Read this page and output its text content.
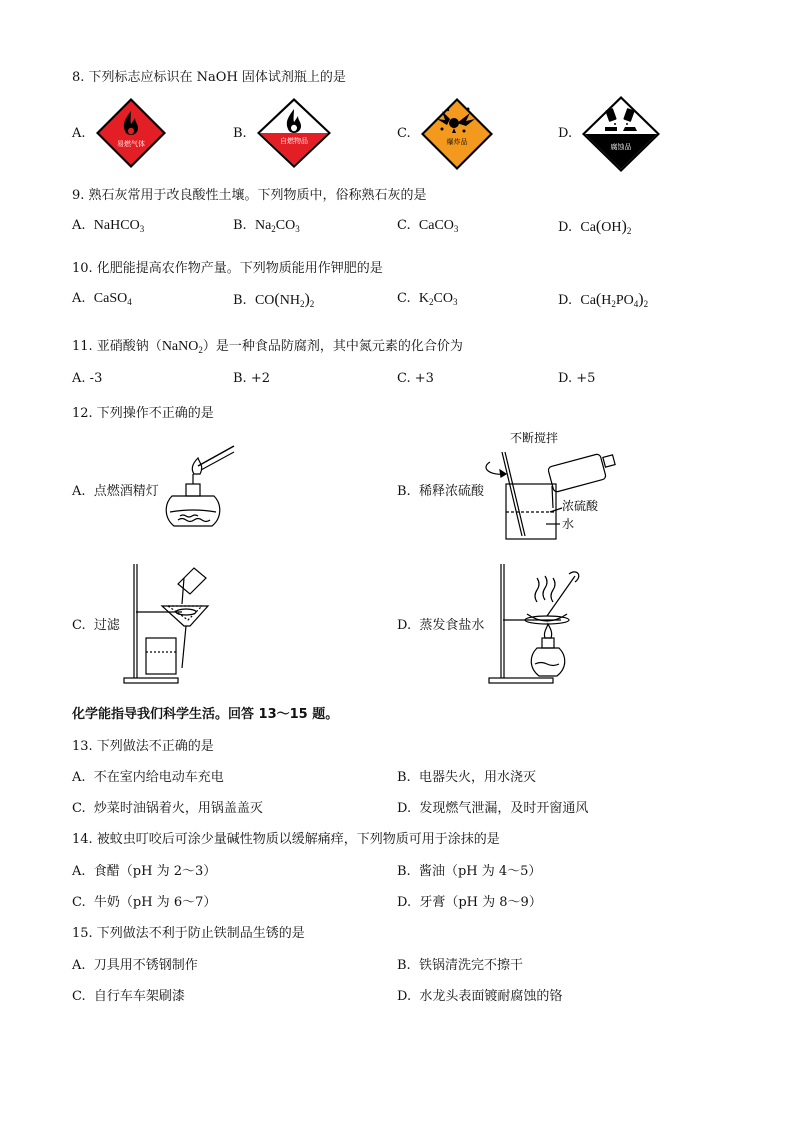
8. 下列标志应标识在 NaOH 固体试剂瓶上的是
A.
易燃气体
B.	自燃物品	C.
爆炸品
D.
腐蚀品
9. 熟石灰常用于改良酸性土壤。下列物质中，俗称熟石灰的是
A. NaHCO$_3$	B. $Na_2CO_3$	C. CaCO$_3$	D. $Ca(OH)_2$
10. 化肥能提高农作物产量。下列物质能用作钾肥的是
A. CaSO$_4$	B. $CO(NH_2)_2$	C. $K_2CO_3$	D. $Ca(H_2PO_4)_2$
11. 亚硝酸钠（NaNO$_2$）是一种食品防腐剂，其中氮元素的化合价为
A. -3	B. +2	C. +3	D. +5
12. 下列操作不正确的是
A. 点燃酒精灯	B. 稀释浓硫酸
不断搅拌
浓硫酸
水
C. 过滤	D. 蒸发食盐水
化学能指导我们科学生活。回答 13～15 题。
13. 下列做法不正确的是
A. 不在室内给电动车充电	B. 电器失火，用水浇灭
C. 炒菜时油锅着火，用锅盖盖灭	D. 发现燃气泄漏，及时开窗通风
14. 被蚊虫叮咬后可涂少量碱性物质以缓解痛痒，下列物质可用于涂抹的是
A. 食醋（pH 为 2～3）	B. 酱油（pH 为 4～5）
C. 牛奶（pH 为 6～7）	D. 牙膏（pH 为 8～9）
15. 下列做法不利于防止铁制品生锈的是
A. 刀具用不锈钢制作	B. 铁锅清洗完不擦干
C. 自行车车架刷漆	D. 水龙头表面镀耐腐蚀的铬
